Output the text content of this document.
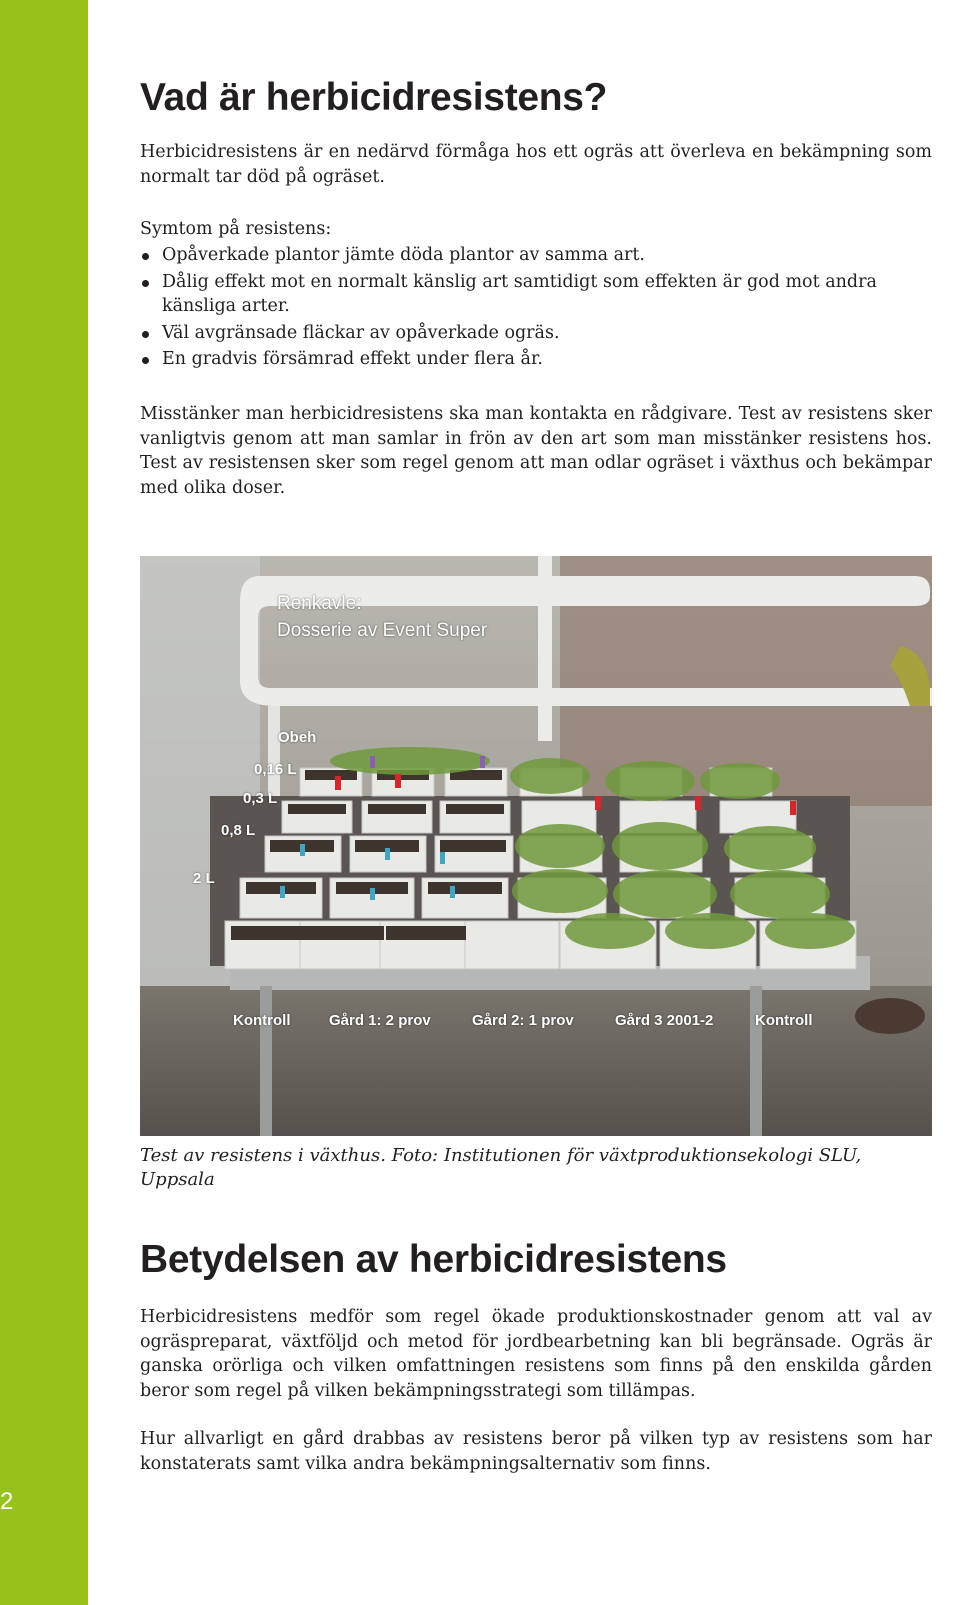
2
Vad är herbicidresistens?

Herbicidresistens är en nedärvd förmåga hos ett ogräs att överleva en bekämpning som normalt tar död på ogräset.

Symtom på resistens:

Opåverkade plantor jämte döda plantor av samma art.
Dålig effekt mot en normalt känslig art samtidigt som effekten är god mot andra känsliga arter.
Väl avgränsade fläckar av opåverkade ogräs.
En gradvis försämrad effekt under flera år.

Misstänker man herbicidresistens ska man kontakta en rådgivare. Test av resistens sker vanligtvis genom att man samlar in frön av den art som man misstänker resistens hos. Test av resistensen sker som regel genom att man odlar ogräset i växthus och bekämpar med olika doser.

Betydelsen av herbicidresistens

Herbicidresistens medför som regel ökade produktionskostnader genom att val av ogräspreparat, växtföljd och metod för jordbearbetning kan bli begränsade. Ogräs är ganska orörliga och vilken omfattningen resistens som finns på den enskilda gården beror som regel på vilken bekämpningsstrategi som tillämpas.

Hur allvarligt en gård drabbas av resistens beror på vilken typ av resistens som har konstaterats samt vilka andra bekämpningsalternativ som finns.

Renkavle:
Dosserie av Event Super
Obeh
0,16 L
0,3 L
0,8 L
2 L
Kontroll	Gård 1: 2 prov	Gård 2: 1 prov	Gård 3 2001-2	Kontroll
Test av resistens i växthus. Foto: Institutionen för växtproduktionsekologi SLU, Uppsala
